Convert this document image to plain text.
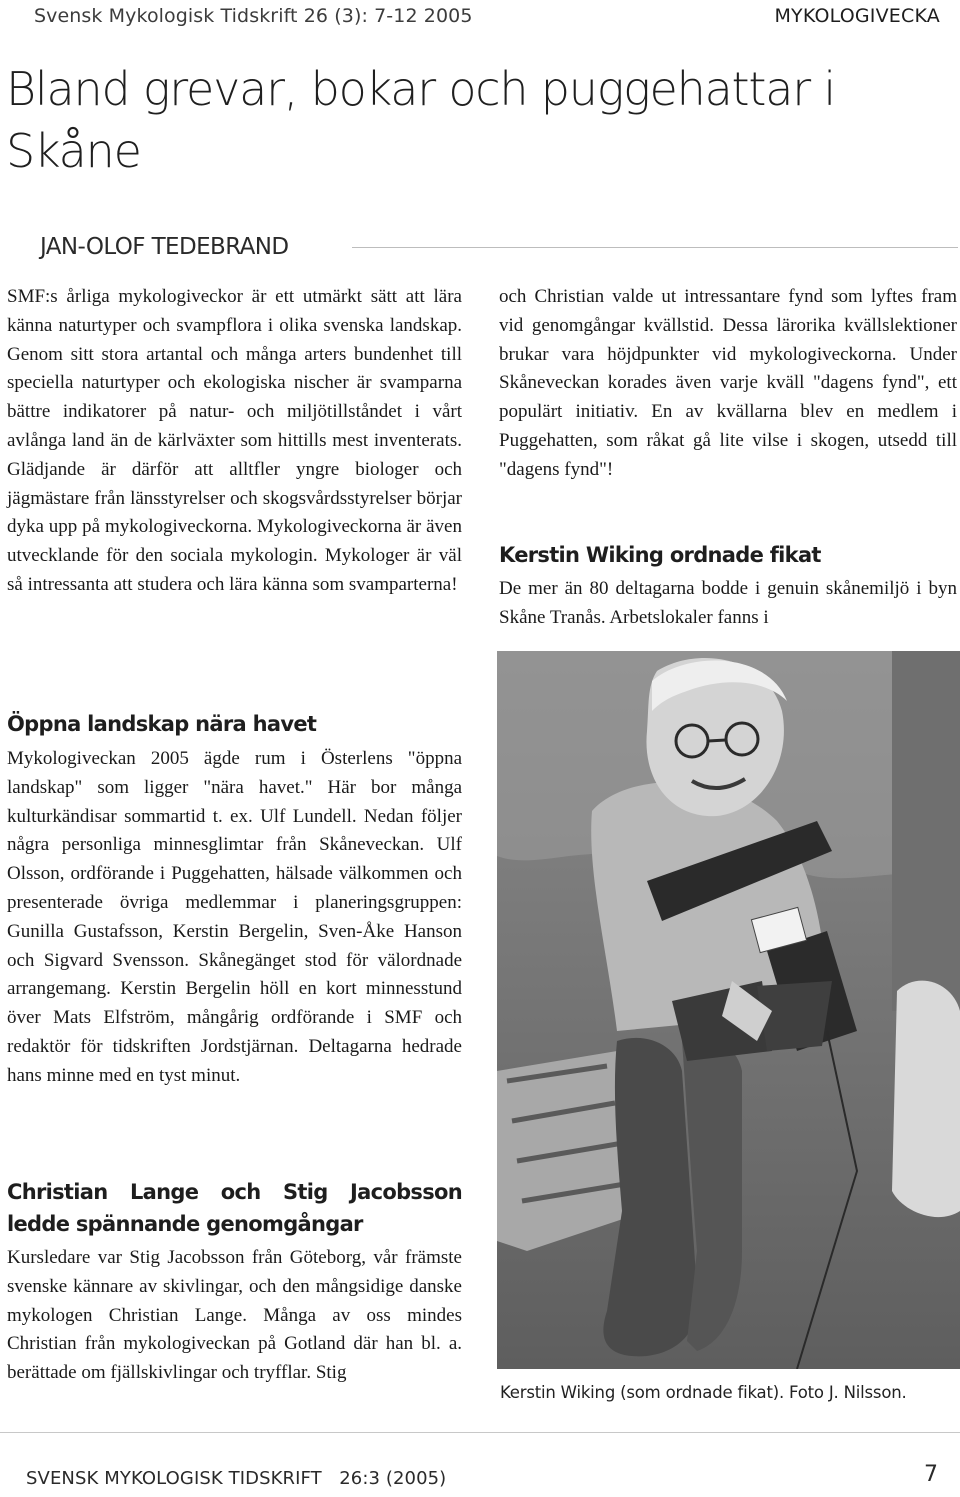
Svensk Mykologisk Tidskrift 26 (3): 7-12 2005	MYKOLOGIVECKA
Bland grevar, bokar och puggehattar i Skåne
JAN-OLOF TEDEBRAND

SMF:s årliga mykologiveckor är ett utmärkt sätt att lära känna naturtyper och svampflora i olika svenska landskap. Genom sitt stora artantal och många arters bundenhet till speciella naturtyper och ekologiska nischer är svamparna bättre indikatorer på natur- och miljötillståndet i vårt avlånga land än de kärlväxter som hittills mest inventerats. Glädjande är därför att alltfler yngre biologer och jägmästare från länsstyrelser och skogsvårdsstyrelser börjar dyka upp på mykologiveckorna. Mykologiveckorna är även utvecklande för den sociala mykologin. Mykologer är väl så intressanta att studera och lära känna som svamparterna!

Öppna landskap nära havet

Mykologiveckan 2005 ägde rum i Österlens "öppna landskap" som ligger "nära havet." Här bor många kulturkändisar sommartid t. ex. Ulf Lundell. Nedan följer några personliga minnesglimtar från Skåneveckan. Ulf Olsson, ordförande i Puggehatten, hälsade välkommen och presenterade övriga medlemmar i planeringsgruppen: Gunilla Gustafsson, Kerstin Bergelin, Sven-Åke Hanson och Sigvard Svensson. Skånegänget stod för välordnade arrangemang. Kerstin Bergelin höll en kort minnesstund över Mats Elfström, mångårig ordförande i SMF och redaktör för tidskriften Jordstjärnan. Deltagarna hedrade hans minne med en tyst minut.

Christian Lange och Stig Jacobsson ledde spännande genomgångar

Kursledare var Stig Jacobsson från Göteborg, vår främste svenske kännare av skivlingar, och den mångsidige danske mykologen Christian Lange. Många av oss mindes Christian från mykologiveckan på Gotland där han bl. a. berättade om fjällskivlingar och tryfflar. Stig

och Christian valde ut intressantare fynd som lyftes fram vid genomgångar kvällstid. Dessa lärorika kvällslektioner brukar vara höjdpunkter vid mykologiveckorna. Under Skåneveckan korades även varje kväll "dagens fynd", ett populärt initiativ. En av kvällarna blev en medlem i Puggehatten, som råkat gå lite vilse i skogen, utsedd till "dagens fynd"!

Kerstin Wiking ordnade fikat

De mer än 80 deltagarna bodde i genuin skånemiljö i byn Skåne Tranås. Arbetslokaler fanns i

Kerstin Wiking (som ordnade fikat). Foto J. Nilsson.
SVENSK MYKOLOGISK TIDSKRIFT   26:3 (2005)	7
